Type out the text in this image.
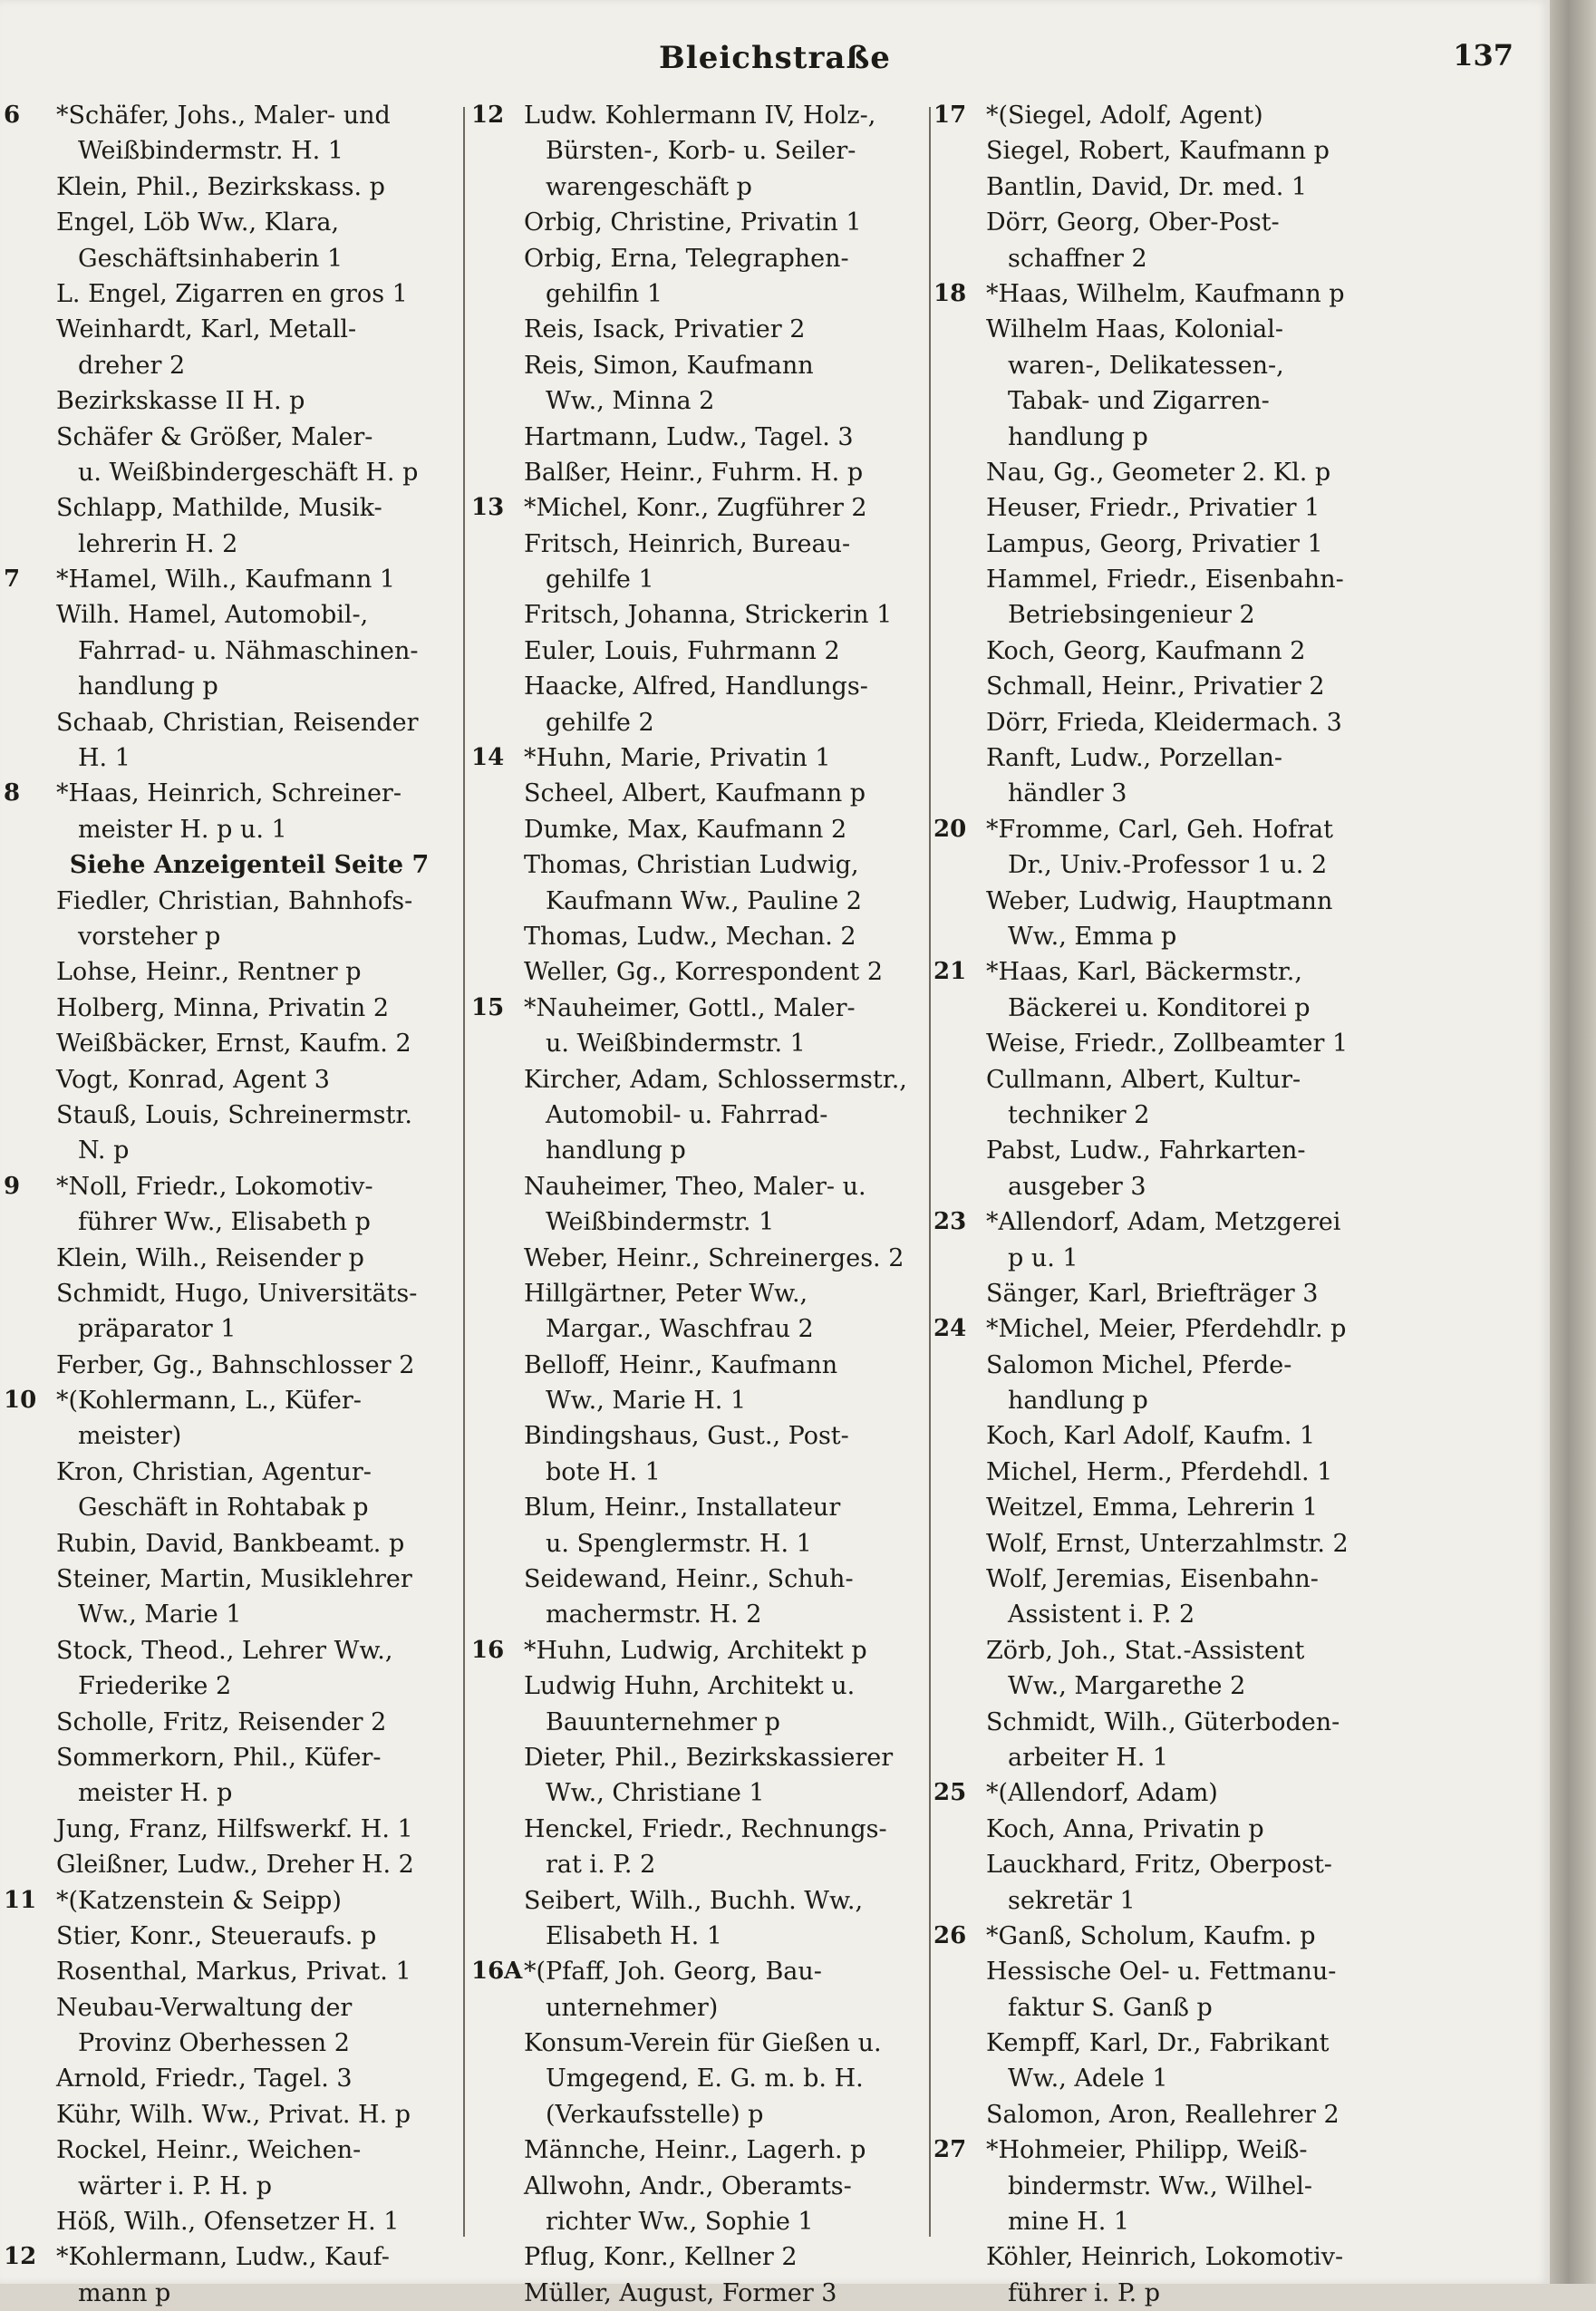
Bleichstraße	137
6	*Schäfer, Johs., Maler- und
Weißbindermstr. H. 1
Klein, Phil., Bezirkskass. p
Engel, Löb Ww., Klara,
Geschäftsinhaberin 1
L. Engel, Zigarren en gros 1
Weinhardt, Karl, Metall-
dreher 2
Bezirkskasse II H. p
Schäfer & Größer, Maler-
u. Weißbindergeschäft H. p
Schlapp, Mathilde, Musik-
lehrerin H. 2
7	*Hamel, Wilh., Kaufmann 1
Wilh. Hamel, Automobil-,
Fahrrad- u. Nähmaschinen-
handlung p
Schaab, Christian, Reisender
H. 1
8	*Haas, Heinrich, Schreiner-
meister H. p u. 1
Siehe Anzeigenteil Seite 7
Fiedler, Christian, Bahnhofs-
vorsteher p
Lohse, Heinr., Rentner p
Holberg, Minna, Privatin 2
Weißbäcker, Ernst, Kaufm. 2
Vogt, Konrad, Agent 3
Stauß, Louis, Schreinermstr.
N. p
9	*Noll, Friedr., Lokomotiv-
führer Ww., Elisabeth p
Klein, Wilh., Reisender p
Schmidt, Hugo, Universitäts-
präparator 1
Ferber, Gg., Bahnschlosser 2
10 *(Kohlermann, L., Küfer-
meister)
Kron, Christian, Agentur-
Geschäft in Rohtabak p
Rubin, David, Bankbeamt. p
Steiner, Martin, Musiklehrer
Ww., Marie 1
Stock, Theod., Lehrer Ww.,
Friederike 2
Scholle, Fritz, Reisender 2
Sommerkorn, Phil., Küfer-
meister H. p
Jung, Franz, Hilfswerkf. H. 1
Gleißner, Ludw., Dreher H. 2
11 *(Katzenstein & Seipp)
Stier, Konr., Steueraufs. p
Rosenthal, Markus, Privat. 1
Neubau-Verwaltung der
Provinz Oberhessen 2
Arnold, Friedr., Tagel. 3
Kühr, Wilh. Ww., Privat. H. p
Rockel, Heinr., Weichen-
wärter i. P. H. p
Höß, Wilh., Ofensetzer H. 1
12 *Kohlermann, Ludw., Kauf-
mann p
12 Ludw. Kohlermann IV, Holz-,
Bürsten-, Korb- u. Seiler-
warengeschäft p
Orbig, Christine, Privatin 1
Orbig, Erna, Telegraphen-
gehilfin 1
Reis, Isack, Privatier 2
Reis, Simon, Kaufmann
Ww., Minna 2
Hartmann, Ludw., Tagel. 3
Balßer, Heinr., Fuhrm. H. p
13 *Michel, Konr., Zugführer 2
Fritsch, Heinrich, Bureau-
gehilfe 1
Fritsch, Johanna, Strickerin 1
Euler, Louis, Fuhrmann 2
Haacke, Alfred, Handlungs-
gehilfe 2
14 *Huhn, Marie, Privatin 1
Scheel, Albert, Kaufmann p
Dumke, Max, Kaufmann 2
Thomas, Christian Ludwig,
Kaufmann Ww., Pauline 2
Thomas, Ludw., Mechan. 2
Weller, Gg., Korrespondent 2
15 *Nauheimer, Gottl., Maler-
u. Weißbindermstr. 1
Kircher, Adam, Schlossermstr.,
Automobil- u. Fahrrad-
handlung p
Nauheimer, Theo, Maler- u.
Weißbindermstr. 1
Weber, Heinr., Schreinerges. 2
Hillgärtner, Peter Ww.,
Margar., Waschfrau 2
Belloff, Heinr., Kaufmann
Ww., Marie H. 1
Bindingshaus, Gust., Post-
bote H. 1
Blum, Heinr., Installateur
u. Spenglermstr. H. 1
Seidewand, Heinr., Schuh-
machermstr. H. 2
16 *Huhn, Ludwig, Architekt p
Ludwig Huhn, Architekt u.
Bauunternehmer p
Dieter, Phil., Bezirkskassierer
Ww., Christiane 1
Henckel, Friedr., Rechnungs-
rat i. P. 2
Seibert, Wilh., Buchh. Ww.,
Elisabeth H. 1
16A *(Pfaff, Joh. Georg, Bau-
unternehmer)
Konsum-Verein für Gießen u.
Umgegend, E. G. m. b. H.
(Verkaufsstelle) p
Männche, Heinr., Lagerh. p
Allwohn, Andr., Oberamts-
richter Ww., Sophie 1
Pflug, Konr., Kellner 2
Müller, August, Former 3
17 *(Siegel, Adolf, Agent)
Siegel, Robert, Kaufmann p
Bantlin, David, Dr. med. 1
Dörr, Georg, Ober-Post-
schaffner 2
18 *Haas, Wilhelm, Kaufmann p
Wilhelm Haas, Kolonial-
waren-, Delikatessen-,
Tabak- und Zigarren-
handlung p
Nau, Gg., Geometer 2. Kl. p
Heuser, Friedr., Privatier 1
Lampus, Georg, Privatier 1
Hammel, Friedr., Eisenbahn-
Betriebsingenieur 2
Koch, Georg, Kaufmann 2
Schmall, Heinr., Privatier 2
Dörr, Frieda, Kleidermach. 3
Ranft, Ludw., Porzellan-
händler 3
20 *Fromme, Carl, Geh. Hofrat
Dr., Univ.-Professor 1 u. 2
Weber, Ludwig, Hauptmann
Ww., Emma p
21 *Haas, Karl, Bäckermstr.,
Bäckerei u. Konditorei p
Weise, Friedr., Zollbeamter 1
Cullmann, Albert, Kultur-
techniker 2
Pabst, Ludw., Fahrkarten-
ausgeber 3
23 *Allendorf, Adam, Metzgerei
p u. 1
Sänger, Karl, Briefträger 3
24 *Michel, Meier, Pferdehdlr. p
Salomon Michel, Pferde-
handlung p
Koch, Karl Adolf, Kaufm. 1
Michel, Herm., Pferdehdl. 1
Weitzel, Emma, Lehrerin 1
Wolf, Ernst, Unterzahlmstr. 2
Wolf, Jeremias, Eisenbahn-
Assistent i. P. 2
Zörb, Joh., Stat.-Assistent
Ww., Margarethe 2
Schmidt, Wilh., Güterboden-
arbeiter H. 1
25 *(Allendorf, Adam)
Koch, Anna, Privatin p
Lauckhard, Fritz, Oberpost-
sekretär 1
26 *Ganß, Scholum, Kaufm. p
Hessische Oel- u. Fettmanu-
faktur S. Ganß p
Kempff, Karl, Dr., Fabrikant
Ww., Adele 1
Salomon, Aron, Reallehrer 2
27 *Hohmeier, Philipp, Weiß-
bindermstr. Ww., Wilhel-
mine H. 1
Köhler, Heinrich, Lokomotiv-
führer i. P. p
